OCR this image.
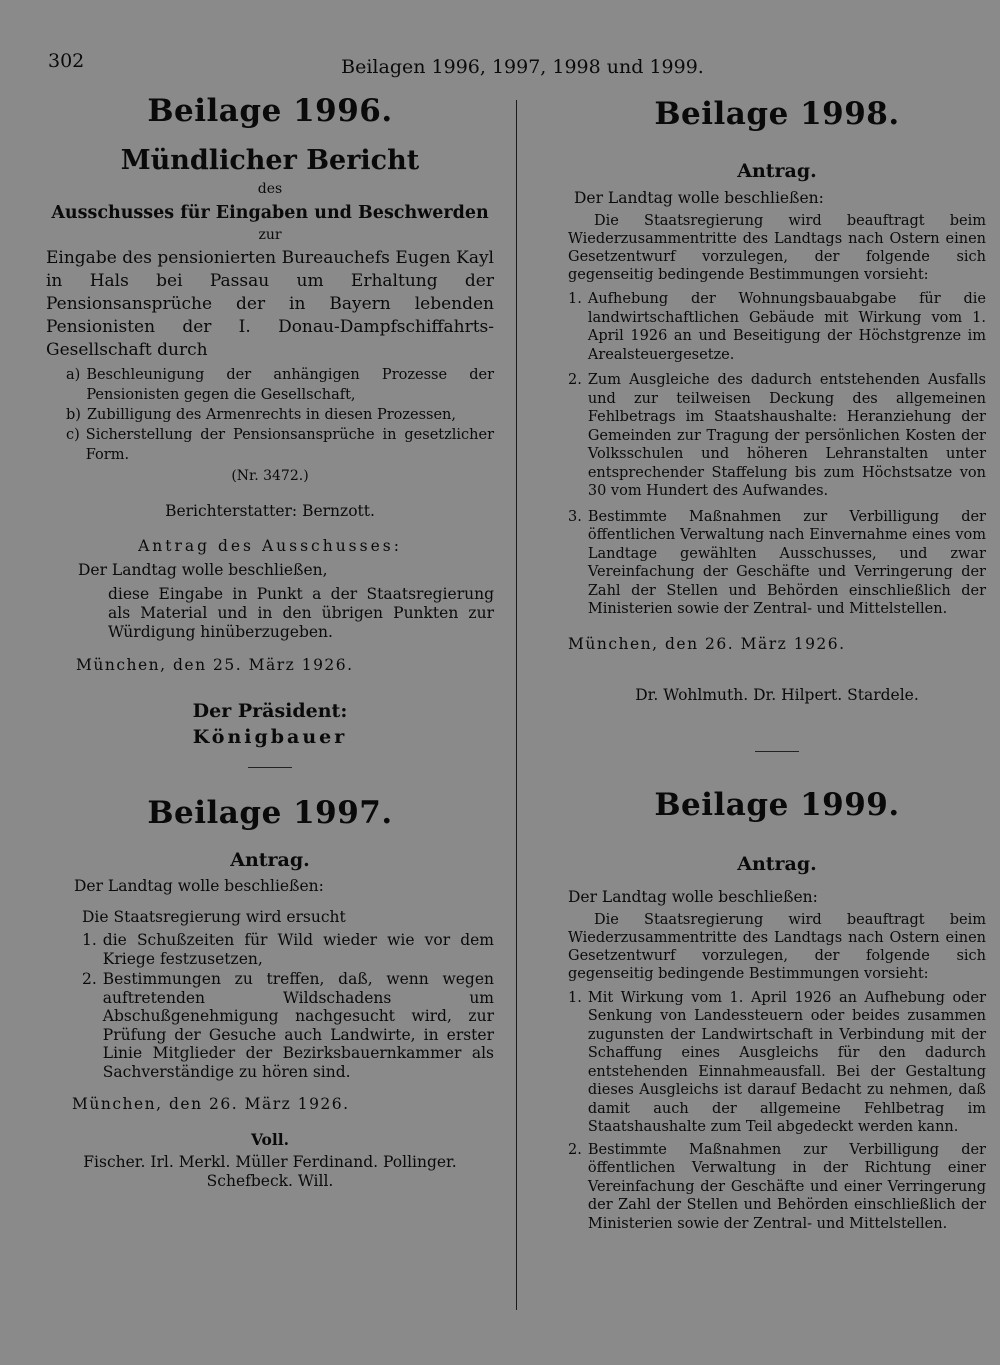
302	Beilagen 1996, 1997, 1998 und 1999.
Beilage 1996.
Mündlicher Bericht
des
Ausschusses für Eingaben und Beschwerden
zur
Eingabe des pensionierten Bureauchefs Eugen Kayl in Hals bei Passau um Erhaltung der Pensionsansprüche der in Bayern lebenden Pensionisten der I. Donau-Dampfschiffahrts-Gesellschaft durch
a) Beschleunigung der anhängigen Prozesse der Pensionisten gegen die Gesellschaft,
b) Zubilligung des Armenrechts in diesen Prozessen,
c) Sicherstellung der Pensionsansprüche in gesetzlicher Form.
(Nr. 3472.)
Berichterstatter: Bernzott.
Antrag des Ausschusses:
Der Landtag wolle beschließen,
diese Eingabe in Punkt a der Staatsregierung als Material und in den übrigen Punkten zur Würdigung hinüberzugeben.
München, den 25. März 1926.
Der Präsident:
Königbauer
Beilage 1997.
Antrag.
Der Landtag wolle beschließen:
Die Staatsregierung wird ersucht
1. die Schußzeiten für Wild wieder wie vor dem Kriege festzusetzen,
2. Bestimmungen zu treffen, daß, wenn wegen auftretenden Wildschadens um Abschußgenehmigung nachgesucht wird, zur Prüfung der Gesuche auch Landwirte, in erster Linie Mitglieder der Bezirksbauernkammer als Sachverständige zu hören sind.
München, den 26. März 1926.
Voll.
Fischer. Irl. Merkl. Müller Ferdinand. Pollinger.
Schefbeck. Will.
Beilage 1998.
Antrag.
Der Landtag wolle beschließen:
Die Staatsregierung wird beauftragt beim Wiederzusammentritte des Landtags nach Ostern einen Gesetzentwurf vorzulegen, der folgende sich gegenseitig bedingende Bestimmungen vorsieht:
1. Aufhebung der Wohnungsbauabgabe für die landwirtschaftlichen Gebäude mit Wirkung vom 1. April 1926 an und Beseitigung der Höchstgrenze im Arealsteuergesetze.
2. Zum Ausgleiche des dadurch entstehenden Ausfalls und zur teilweisen Deckung des allgemeinen Fehlbetrags im Staatshaushalte: Heranziehung der Gemeinden zur Tragung der persönlichen Kosten der Volksschulen und höheren Lehranstalten unter entsprechender Staffelung bis zum Höchstsatze von 30 vom Hundert des Aufwandes.
3. Bestimmte Maßnahmen zur Verbilligung der öffentlichen Verwaltung nach Einvernahme eines vom Landtage gewählten Ausschusses, und zwar Vereinfachung der Geschäfte und Verringerung der Zahl der Stellen und Behörden einschließlich der Ministerien sowie der Zentral- und Mittelstellen.
München, den 26. März 1926.
Dr. Wohlmuth. Dr. Hilpert. Stardele.
Beilage 1999.
Antrag.
Der Landtag wolle beschließen:
Die Staatsregierung wird beauftragt beim Wiederzusammentritte des Landtags nach Ostern einen Gesetzentwurf vorzulegen, der folgende sich gegenseitig bedingende Bestimmungen vorsieht:
1. Mit Wirkung vom 1. April 1926 an Aufhebung oder Senkung von Landessteuern oder beides zusammen zugunsten der Landwirtschaft in Verbindung mit der Schaffung eines Ausgleichs für den dadurch entstehenden Einnahmeausfall. Bei der Gestaltung dieses Ausgleichs ist darauf Bedacht zu nehmen, daß damit auch der allgemeine Fehlbetrag im Staatshaushalte zum Teil abgedeckt werden kann.
2. Bestimmte Maßnahmen zur Verbilligung der öffentlichen Verwaltung in der Richtung einer Vereinfachung der Geschäfte und einer Verringerung der Zahl der Stellen und Behörden einschließlich der Ministerien sowie der Zentral- und Mittelstellen.
